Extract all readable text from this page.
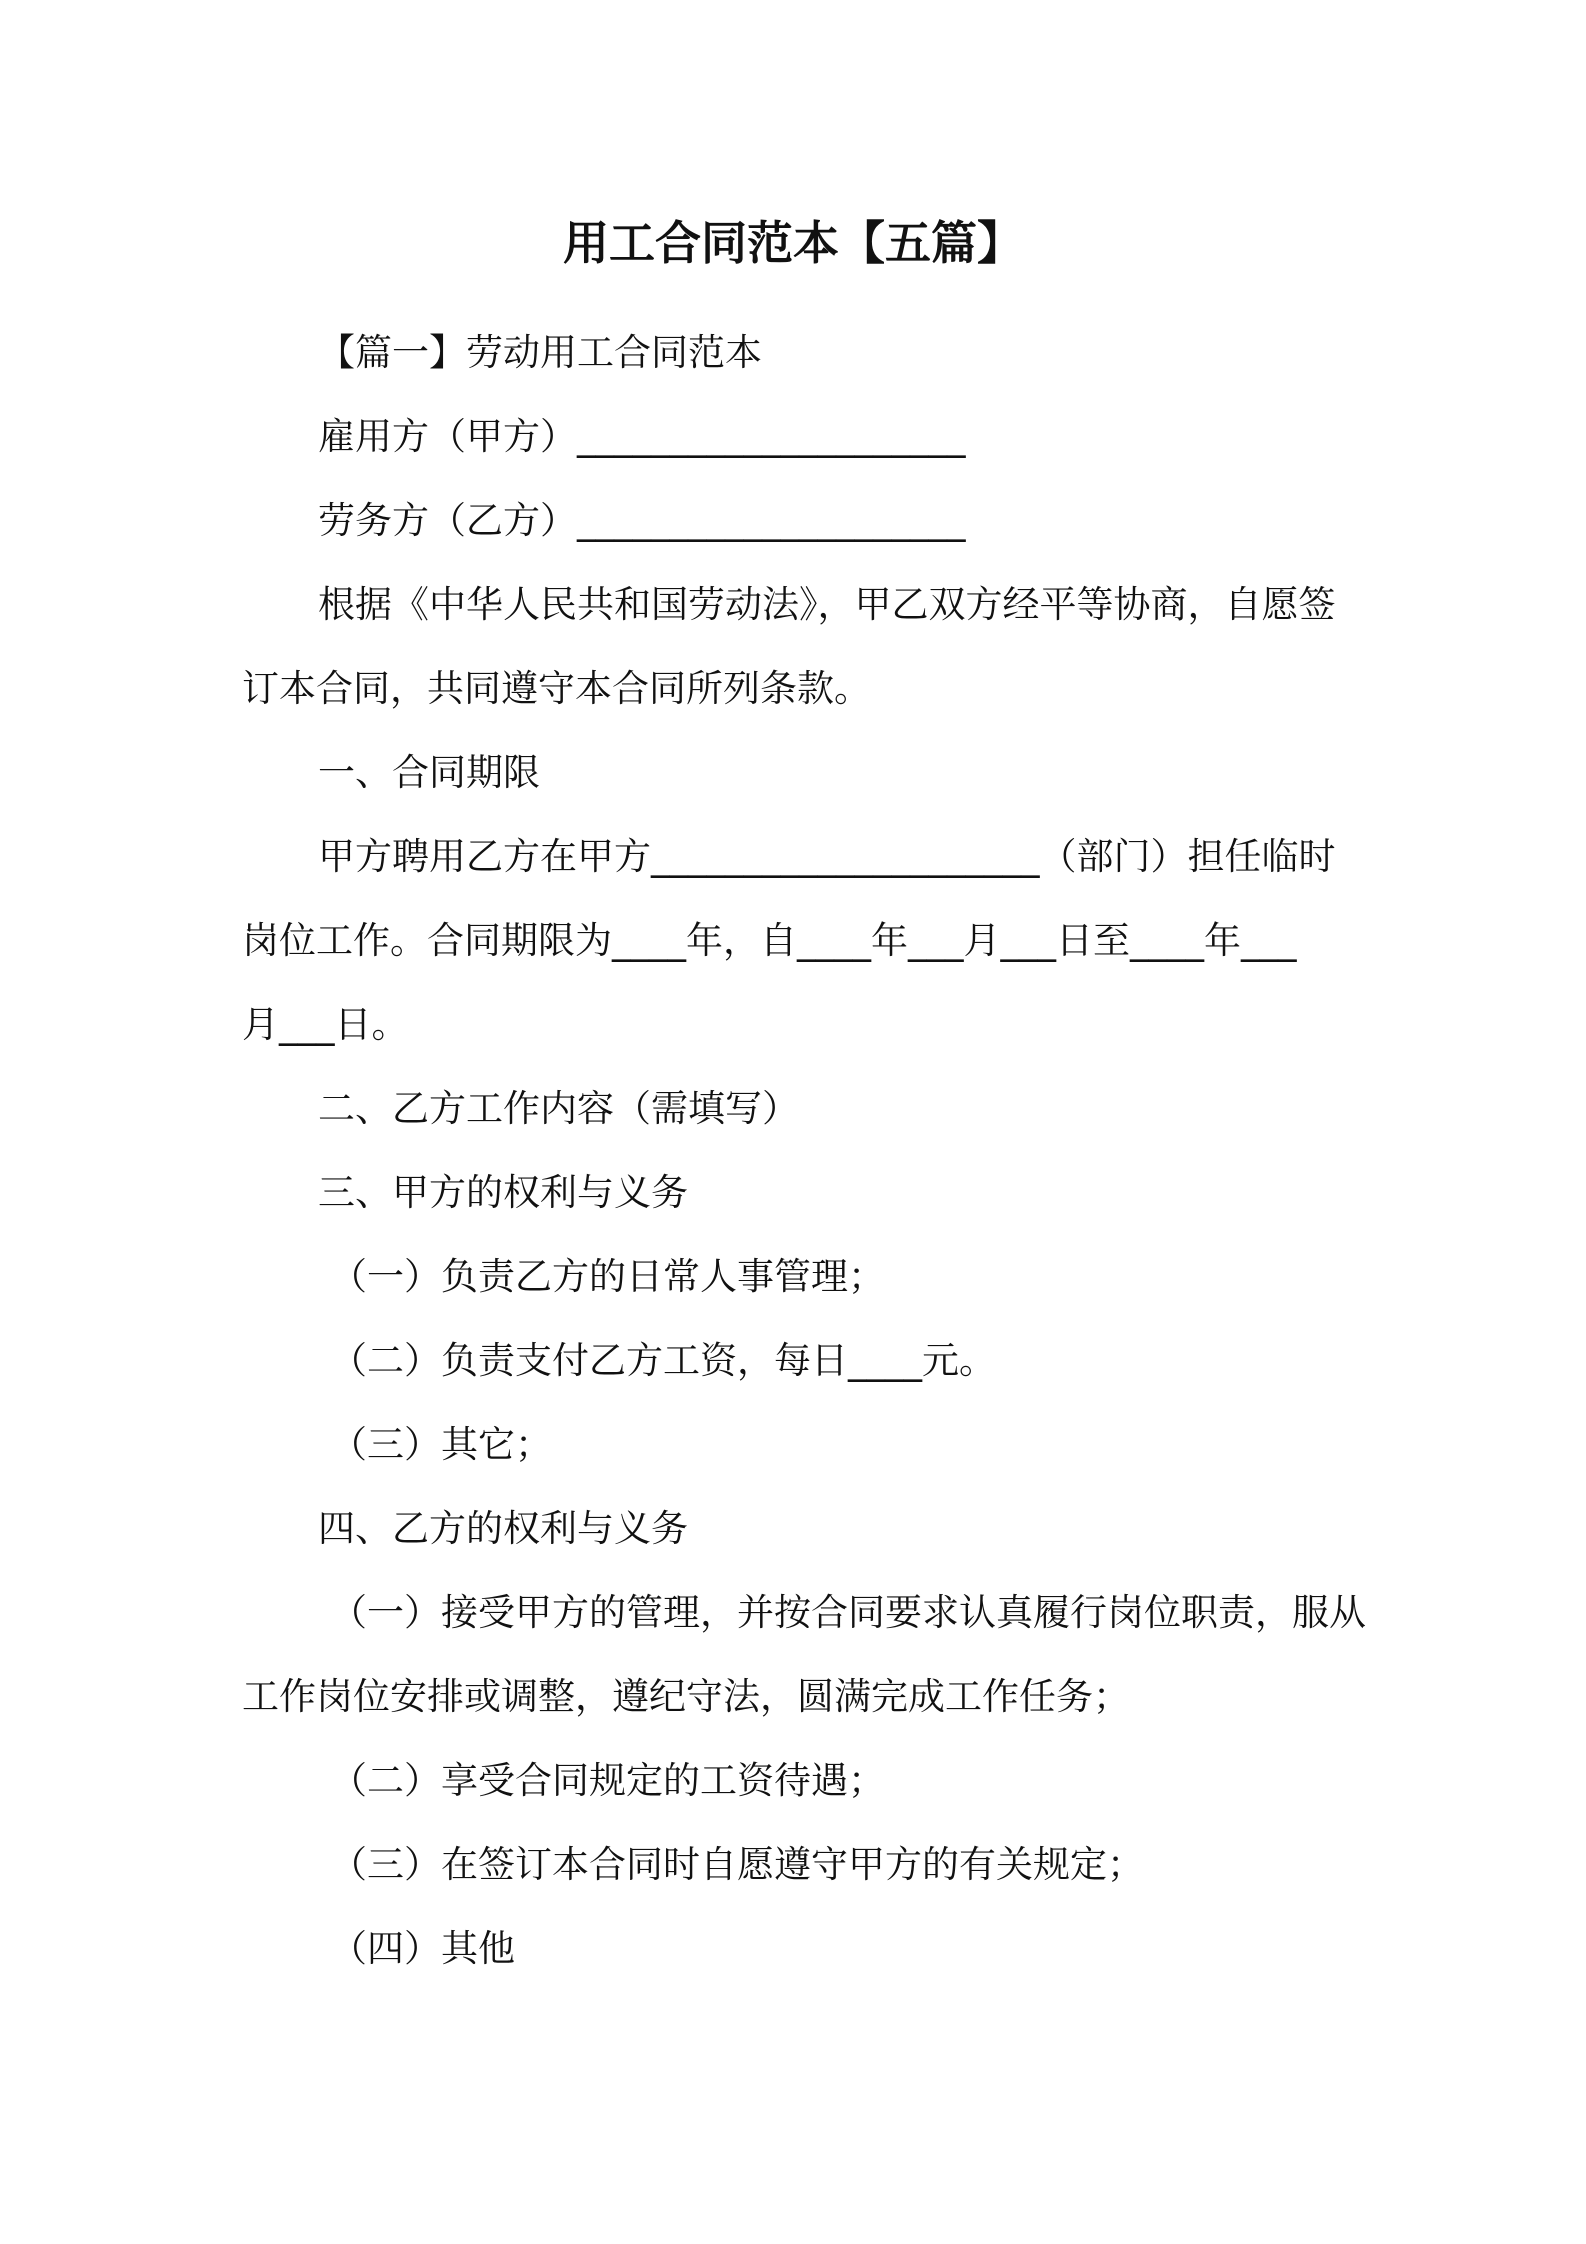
用工合同范本【五篇】

【篇一】劳动用工合同范本

雇用方（甲方）_____________________

劳务方（乙方）_____________________

根据《中华人民共和国劳动法》，甲乙双方经平等协商，自愿签

订本合同，共同遵守本合同所列条款。

一、合同期限

甲方聘用乙方在甲方_____________________（部门）担任临时

岗位工作。合同期限为____年，自____年___月___日至____年___

月___日。

二、乙方工作内容（需填写）

三、甲方的权利与义务

（一）负责乙方的日常人事管理；

（二）负责支付乙方工资，每日____元。

（三）其它；

四、乙方的权利与义务

（一）接受甲方的管理，并按合同要求认真履行岗位职责，服从

工作岗位安排或调整，遵纪守法，圆满完成工作任务；

（二）享受合同规定的工资待遇；

（三）在签订本合同时自愿遵守甲方的有关规定；

（四）其他
